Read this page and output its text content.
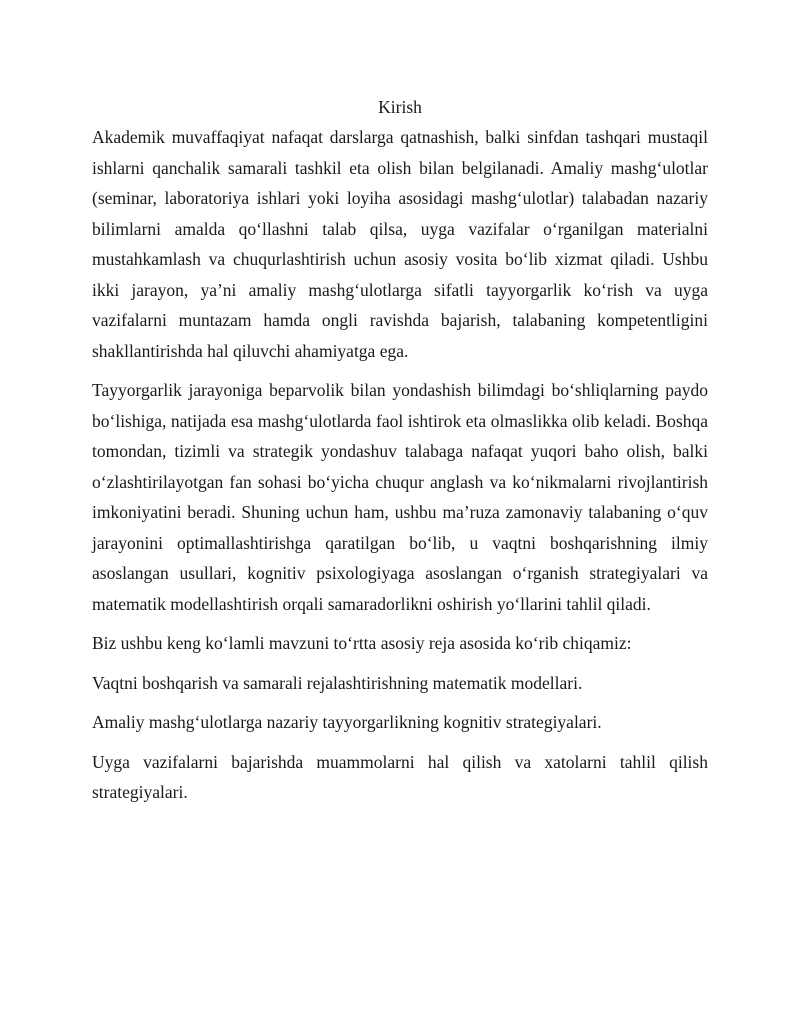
Kirish

Akademik muvaffaqiyat nafaqat darslarga qatnashish, balki sinfdan tashqari mustaqil ishlarni qanchalik samarali tashkil eta olish bilan belgilanadi. Amaliy mashg‘ulotlar (seminar, laboratoriya ishlari yoki loyiha asosidagi mashg‘ulotlar) talabadan nazariy bilimlarni amalda qo‘llashni talab qilsa, uyga vazifalar o‘rganilgan materialni mustahkamlash va chuqurlashtirish uchun asosiy vosita bo‘lib xizmat qiladi. Ushbu ikki jarayon, ya’ni amaliy mashg‘ulotlarga sifatli tayyorgarlik ko‘rish va uyga vazifalarni muntazam hamda ongli ravishda bajarish, talabaning kompetentligini shakllantirishda hal qiluvchi ahamiyatga ega.

Tayyorgarlik jarayoniga beparvolik bilan yondashish bilimdagi bo‘shliqlarning paydo bo‘lishiga, natijada esa mashg‘ulotlarda faol ishtirok eta olmaslikka olib keladi. Boshqa tomondan, tizimli va strategik yondashuv talabaga nafaqat yuqori baho olish, balki o‘zlashtirilayotgan fan sohasi bo‘yicha chuqur anglash va ko‘nikmalarni rivojlantirish imkoniyatini beradi. Shuning uchun ham, ushbu ma’ruza zamonaviy talabaning o‘quv jarayonini optimallashtirishga qaratilgan bo‘lib, u vaqtni boshqarishning ilmiy asoslangan usullari, kognitiv psixologiyaga asoslangan o‘rganish strategiyalari va matematik modellashtirish orqali samaradorlikni oshirish yo‘llarini tahlil qiladi.

Biz ushbu keng ko‘lamli mavzuni to‘rtta asosiy reja asosida ko‘rib chiqamiz:

Vaqtni boshqarish va samarali rejalashtirishning matematik modellari.

Amaliy mashg‘ulotlarga nazariy tayyorgarlikning kognitiv strategiyalari.

Uyga vazifalarni bajarishda muammolarni hal qilish va xatolarni tahlil qilish strategiyalari.
